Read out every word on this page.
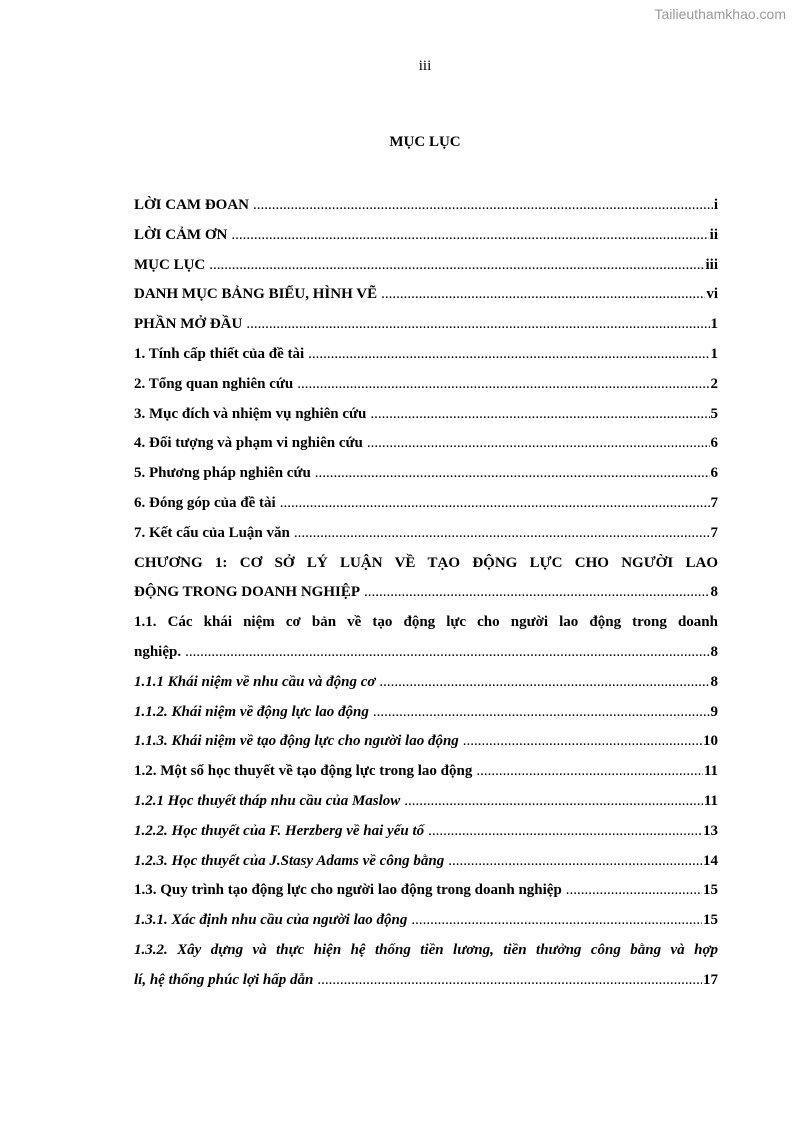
Tailieuthamkhao.com
iii
MỤC LỤC
LỜI CAM ĐOAN .....	i
LỜI CẢM ƠN .....	ii
MỤC LỤC .....	iii
DANH MỤC BẢNG BIỂU, HÌNH VẼ .....	vi
PHẦN MỞ ĐẦU .....	1
1. Tính cấp thiết của đề tài .....	1
2. Tổng quan nghiên cứu .....	2
3. Mục đích và nhiệm vụ nghiên cứu .....	5
4. Đối tượng và phạm vi nghiên cứu .....	6
5. Phương pháp nghiên cứu .....	6
6. Đóng góp của đề tài .....	7
7. Kết cấu của Luận văn .....	7
CHƯƠNG 1: CƠ SỞ LÝ LUẬN VỀ TẠO ĐỘNG LỰC CHO NGƯỜI LAO
ĐỘNG TRONG DOANH NGHIỆP .....	8
1.1. Các khái niệm cơ bản về tạo động lực cho người lao động trong doanh
nghiệp. .....	8
1.1.1 Khái niệm về nhu cầu và động cơ .....	8
1.1.2. Khái niệm về động lực lao động .....	9
1.1.3. Khái niệm về tạo động lực cho người lao động .....	10
1.2. Một số học thuyết về tạo động lực trong lao động .....	11
1.2.1 Học thuyết tháp nhu cầu của Maslow .....	11
1.2.2. Học thuyết của F. Herzberg về hai yếu tố .....	13
1.2.3. Học thuyết của J.Stasy Adams về công bằng .....	14
1.3. Quy trình tạo động lực cho người lao động trong doanh nghiệp .....	15
1.3.1. Xác định nhu cầu của người lao động .....	15
1.3.2. Xây dựng và thực hiện hệ thống tiền lương, tiền thưởng công bằng và hợp
lí, hệ thống phúc lợi hấp dẫn .....	17
